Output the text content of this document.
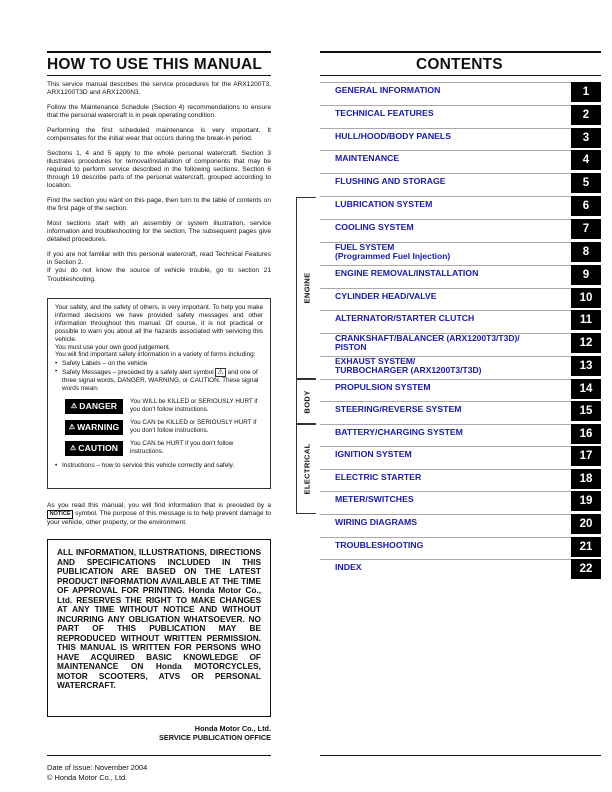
HOW TO USE THIS MANUAL	CONTENTS

This service manual describes the service procedures for the ARX1200T3, ARX1200T3D and ARX1200N3.

Follow the Maintenance Schedule (Section 4) recommendations to ensure that the personal watercraft is in peak operating condition.

Performing the first scheduled maintenance is very important. It compensates for the initial wear that occurs during the break-in period.

Sections 1, 4 and 5 apply to the whole personal watercraft. Section 3 illustrates procedures for removal/installation of components that may be required to perform service described in the following sections. Section 6 through 19 describe parts of the personal watercraft, grouped according to location.

Find the section you want on this page, then turn to the table of contents on the first page of the section.

Most sections start with an assembly or system illustration, service information and troubleshooting for the section. The subsequent pages give detailed procedures.

If you are not familiar with this personal watercraft, read Technical Features in Section 2.

If you do not know the source of vehicle trouble, go to section 21 Troubleshooting.

Your safety, and the safety of others, is very important. To help you make informed decisions we have provided safety messages and other information throughout this manual. Of course, it is not practical or possible to warn you about all the hazards associated with servicing this vehicle.
You must use your own good judgement.
You will find important safety information in a variety of forms including:
• Safety Labels – on the vehicle
• Safety Messages – preceded by a safety alert symbol ⚠ and one of three signal words, DANGER, WARNING, or CAUTION. These signal words mean:
⚠ DANGER You WILL be KILLED or SERIOUSLY HURT if you don't follow instructions.
⚠ WARNING You CAN be KILLED or SERIOUSLY HURT if you don't follow instructions.
⚠ CAUTION You CAN be HURT if you don't follow instructions.
• Instructions – how to service this vehicle correctly and safely.
As you read this manual, you will find information that is preceded by a NOTICE symbol. The purpose of this message is to help prevent damage to your vehicle, other property, or the environment.
ALL INFORMATION, ILLUSTRATIONS, DIRECTIONS AND SPECIFICATIONS INCLUDED IN THIS PUBLICATION ARE BASED ON THE LATEST PRODUCT INFORMATION AVAILABLE AT THE TIME OF APPROVAL FOR PRINTING. Honda Motor Co., Ltd. RESERVES THE RIGHT TO MAKE CHANGES AT ANY TIME WITHOUT NOTICE AND WITHOUT INCURRING ANY OBLIGATION WHATSOEVER. NO PART OF THIS PUBLICATION MAY BE REPRODUCED WITHOUT WRITTEN PERMISSION. THIS MANUAL IS WRITTEN FOR PERSONS WHO HAVE ACQUIRED BASIC KNOWLEDGE OF MAINTENANCE ON Honda MOTORCYCLES, MOTOR SCOOTERS, ATVS OR PERSONAL WATERCRAFT.
Honda Motor Co., Ltd.
SERVICE PUBLICATION OFFICE
Date of Issue: November 2004
© Honda Motor Co., Ltd.
ENGINE
BODY
ELECTRICAL
GENERAL INFORMATION	1
TECHNICAL FEATURES	2
HULL/HOOD/BODY PANELS	3
MAINTENANCE	4
FLUSHING AND STORAGE	5
LUBRICATION SYSTEM	6
COOLING SYSTEM	7
FUEL SYSTEM
(Programmed Fuel Injection)	8
ENGINE REMOVAL/INSTALLATION	9
CYLINDER HEAD/VALVE	10
ALTERNATOR/STARTER CLUTCH	11
CRANKSHAFT/BALANCER (ARX1200T3/T3D)/
PISTON	12
EXHAUST SYSTEM/
TURBOCHARGER (ARX1200T3/T3D)	13
PROPULSION SYSTEM	14
STEERING/REVERSE SYSTEM	15
BATTERY/CHARGING SYSTEM	16
IGNITION SYSTEM	17
ELECTRIC STARTER	18
METER/SWITCHES	19
WIRING DIAGRAMS	20
TROUBLESHOOTING	21
INDEX	22
